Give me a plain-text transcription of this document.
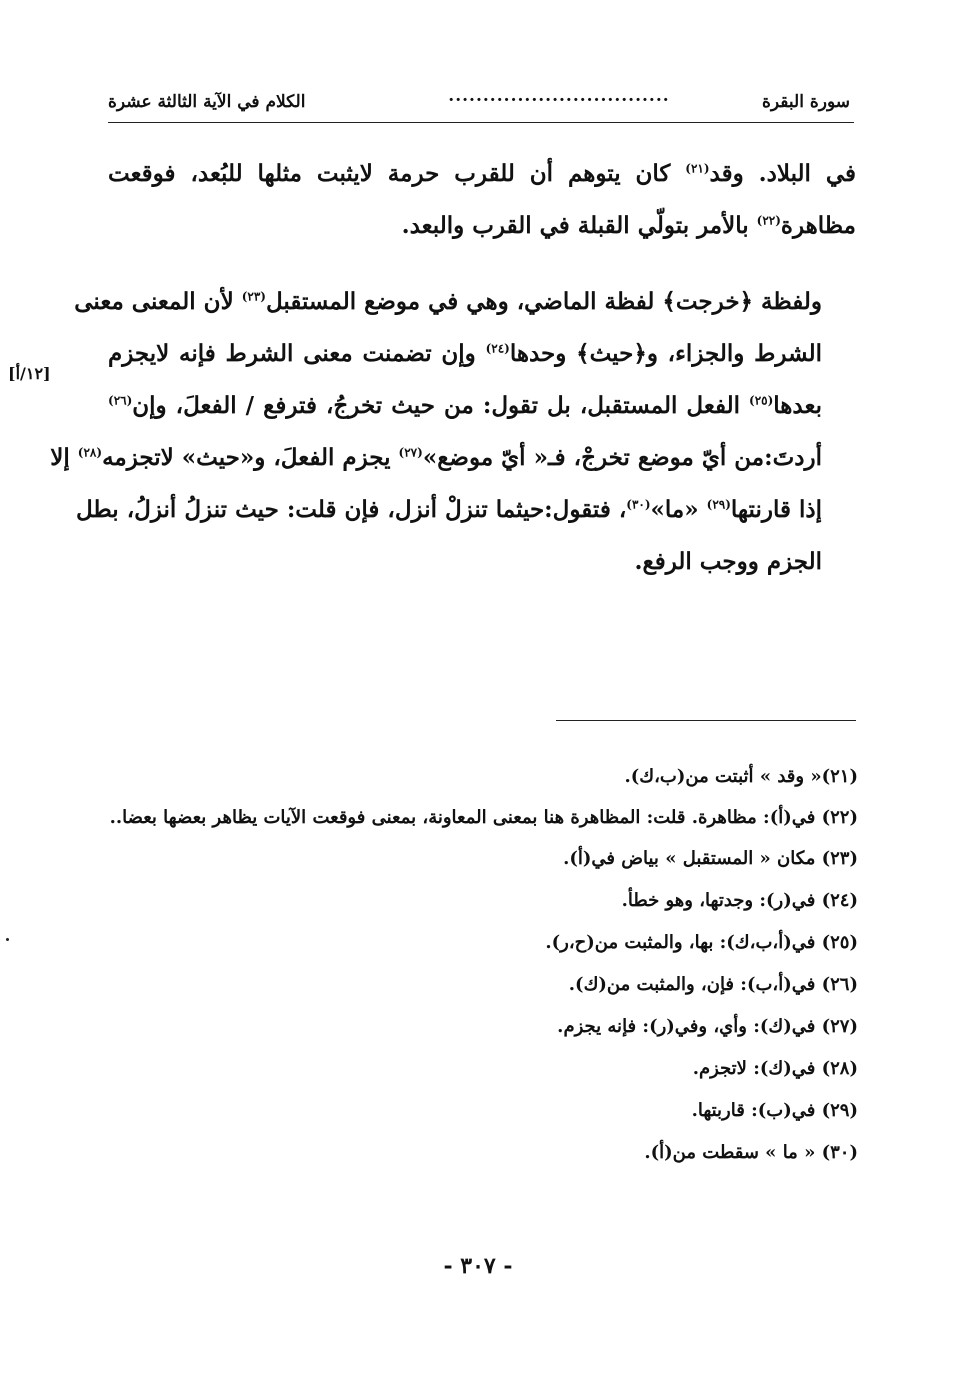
سورة البقرة
................................
الكلام في الآية الثالثة عشرة

في البلاد. وقد$^{(٢١)}$ كان يتوهم أن للقرب حرمة لايثبت مثلها للبُعد، فوقعت
مظاهرة$^{(٢٢)}$ بالأمر بتولّي القبلة في القرب والبعد.

ولفظة ﴿خرجت﴾ لفظة الماضي، وهي في موضع المستقبل$^{(٢٣)}$ لأن المعنى معنى
الشرط والجزاء، و﴿حيث﴾ وحدها$^{(٢٤)}$ وإن تضمنت معنى الشرط فإنه لايجزم
بعدها$^{(٢٥)}$ الفعل المستقبل، بل تقول: من حيث تخرجُ، فترفع / الفعلَ، وإن$^{(٢٦)}$
أردتَ:من أيّ موضع تخرجْ، فـ« أيّ موضع»$^{(٢٧)}$ يجزم الفعلَ، و«حيث» لاتجزمه$^{(٢٨)}$ إلا
إذا قارنتها$^{(٢٩)}$ «ما»$^{(٣٠)}$، فتقول:حيثما تنزلْ أنزل، فإن قلت: حيث تنزلُ أنزلُ، بطل
الجزم ووجب الرفع.

[١٢/أ]
(٢١)« وقد » أثبتت من(ب،ك).
(٢٢) في(أ): مظاهرة. قلت: المظاهرة هنا بمعنى المعاونة، بمعنى فوقعت الآيات يظاهر بعضها بعضا..
(٢٣) مكان « المستقبل » بياض في(أ).
(٢٤) في(ر): وجدتها، وهو خطأ.
(٢٥) في(أ،ب،ك): بها، والمثبت من(ح،ر).
(٢٦) في(أ،ب): فإن، والمثبت من(ك).
(٢٧) في(ك): وأي، وفي(ر): فإنه يجزم.
(٢٨) في(ك): لاتجزم.
(٢٩) في(ب): قاربتها.
(٣٠) « ما » سقطت من(أ).
- ٣٠٧ -
